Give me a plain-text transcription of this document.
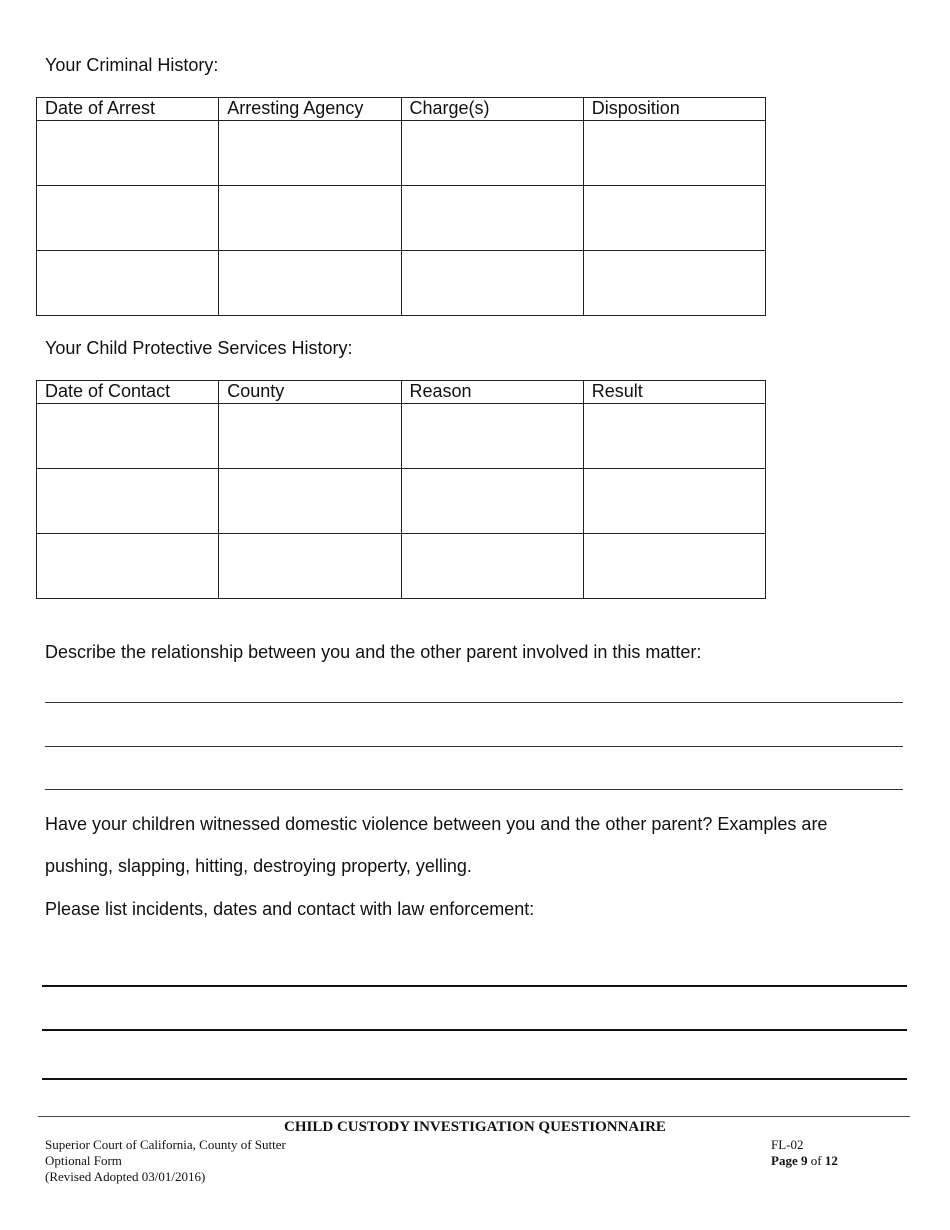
Your Criminal History:
Date of Arrest	Arresting Agency	Charge(s)	Disposition

Your Child Protective Services History:
Date of Contact	County	Reason	Result

Describe the relationship between you and the other parent involved in this matter:
Have your children witnessed domestic violence between you and the other parent? Examples are
pushing, slapping, hitting, destroying property, yelling.
Please list incidents, dates and contact with law enforcement:
CHILD CUSTODY INVESTIGATION QUESTIONNAIRE
Superior Court of California, County of Sutter
Optional Form
(Revised Adopted 03/01/2016)
FL-02
Page 9 of 12
